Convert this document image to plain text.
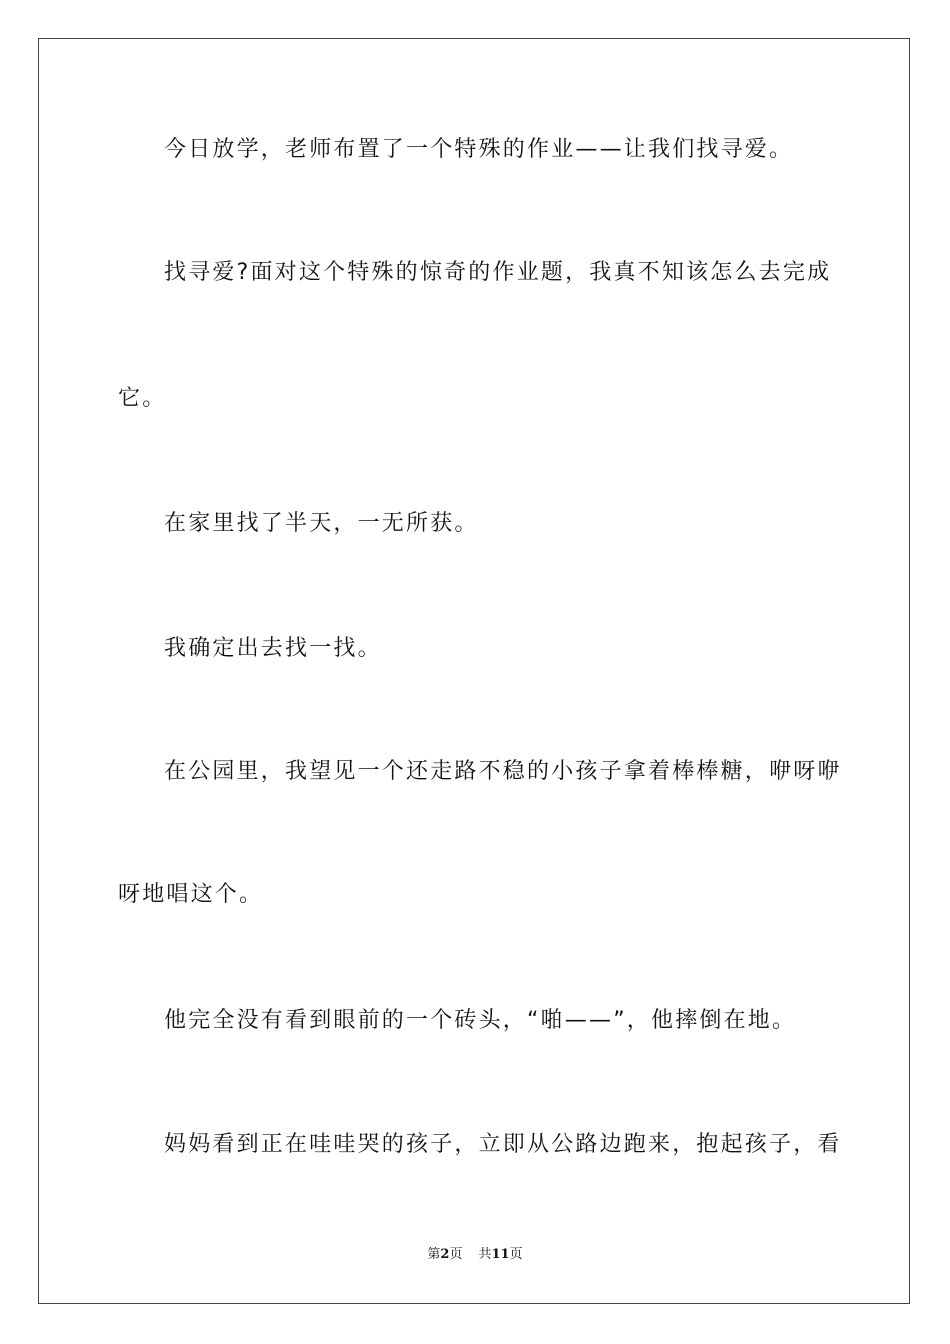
今日放学，老师布置了一个特殊的作业——让我们找寻爱。
找寻爱?面对这个特殊的惊奇的作业题，我真不知该怎么去完成
它。
在家里找了半天，一无所获。
我确定出去找一找。
在公园里，我望见一个还走路不稳的小孩子拿着棒棒糖，咿呀咿
呀地唱这个。
他完全没有看到眼前的一个砖头，“啪——”，他摔倒在地。
妈妈看到正在哇哇哭的孩子，立即从公路边跑来，抱起孩子，看
第2页 共11页
